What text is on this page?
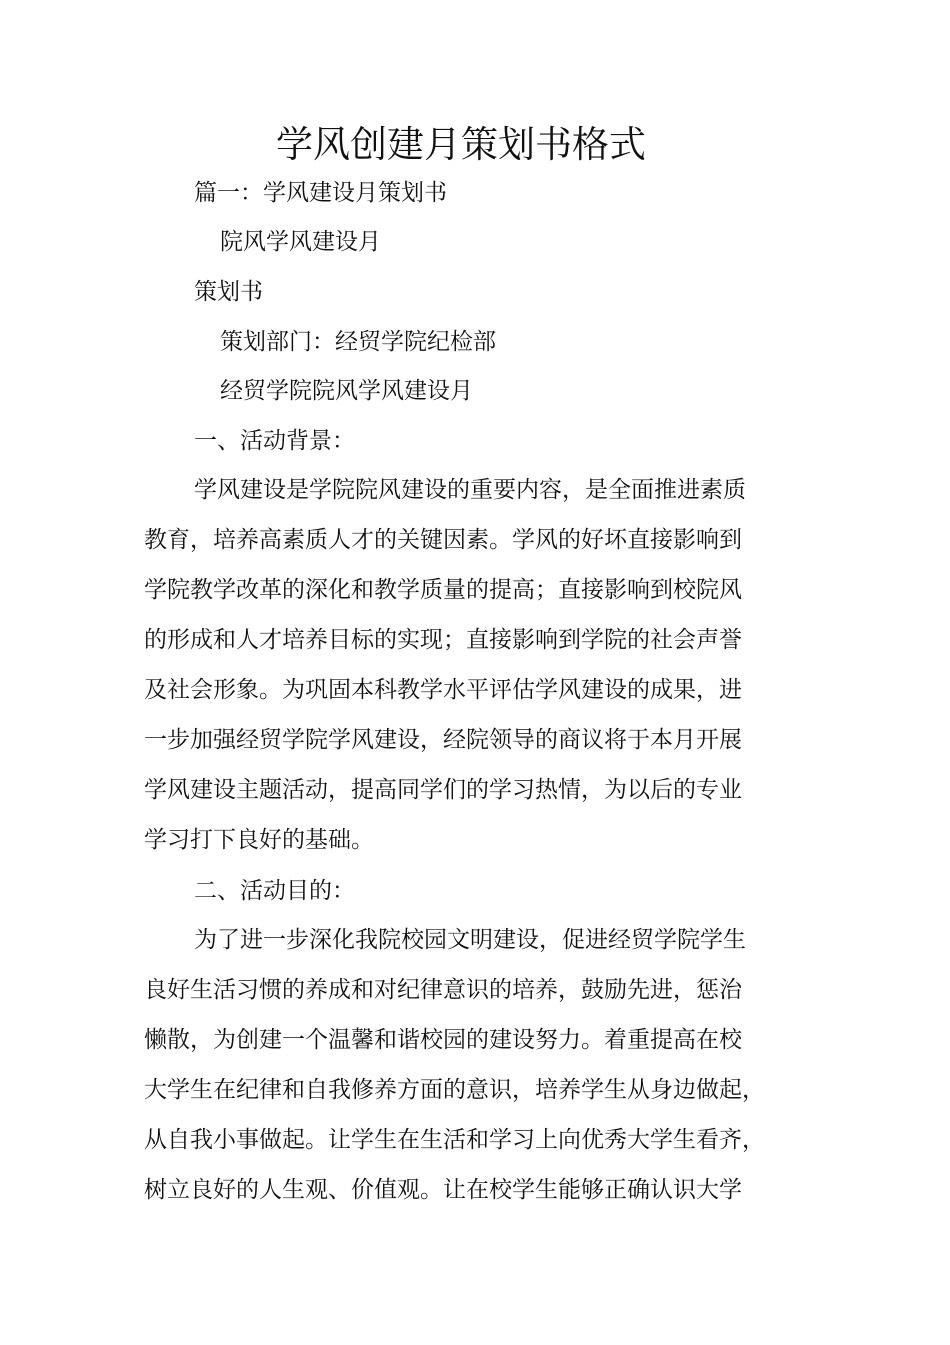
学风创建月策划书格式
篇一：学风建设月策划书
院风学风建设月
策划书
策划部门：经贸学院纪检部
经贸学院院风学风建设月
一、活动背景：
学风建设是学院院风建设的重要内容，是全面推进素质
教育，培养高素质人才的关键因素。学风的好坏直接影响到
学院教学改革的深化和教学质量的提高；直接影响到校院风
的形成和人才培养目标的实现；直接影响到学院的社会声誉
及社会形象。为巩固本科教学水平评估学风建设的成果，进
一步加强经贸学院学风建设，经院领导的商议将于本月开展
学风建设主题活动，提高同学们的学习热情，为以后的专业
学习打下良好的基础。
二、活动目的：
为了进一步深化我院校园文明建设，促进经贸学院学生
良好生活习惯的养成和对纪律意识的培养，鼓励先进，惩治
懒散，为创建一个温馨和谐校园的建设努力。着重提高在校
大学生在纪律和自我修养方面的意识，培养学生从身边做起，
从自我小事做起。让学生在生活和学习上向优秀大学生看齐，
树立良好的人生观、价值观。让在校学生能够正确认识大学
